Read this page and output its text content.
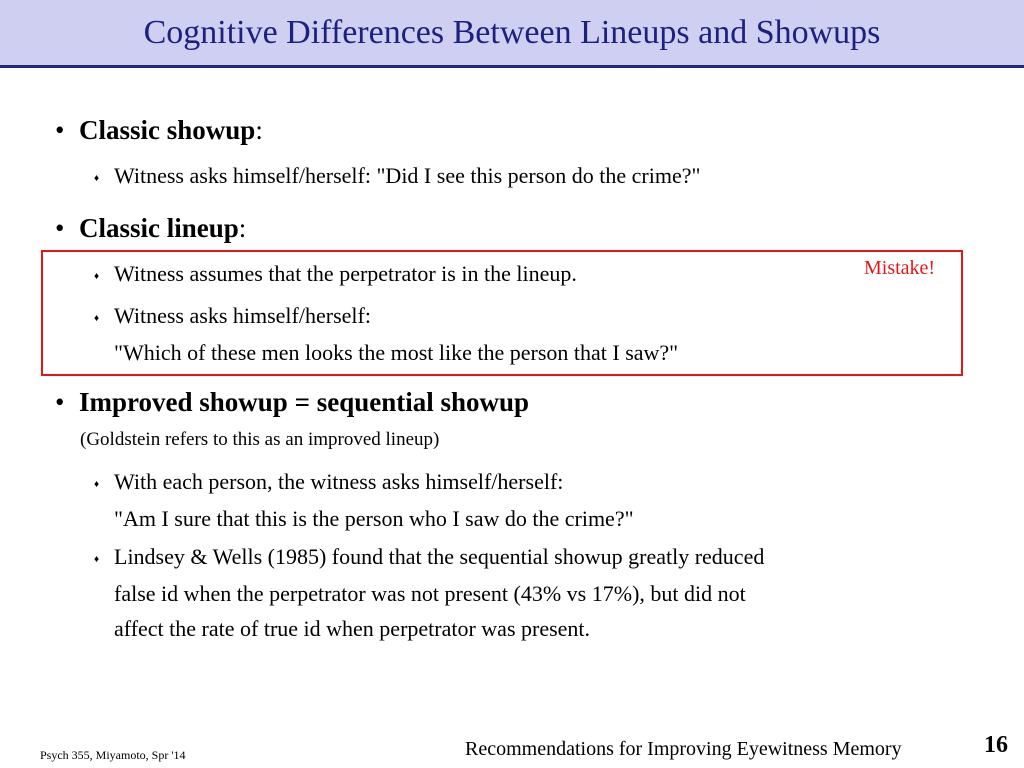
Cognitive Differences Between Lineups and Showups
• Classic showup:
♦ Witness asks himself/herself: "Did I see this person do the crime?"
• Classic lineup:
Mistake!
♦ Witness assumes that the perpetrator is in the lineup.
♦ Witness asks himself/herself:
"Which of these men looks the most like the person that I saw?"
• Improved showup = sequential showup
(Goldstein refers to this as an improved lineup)
♦ With each person, the witness asks himself/herself:
"Am I sure that this is the person who I saw do the crime?"
♦ Lindsey & Wells (1985) found that the sequential showup greatly reduced
false id when the perpetrator was not present (43% vs 17%), but did not
affect the rate of true id when perpetrator was present.
Psych 355, Miyamoto, Spr '14	Recommendations for Improving Eyewitness Memory	16
